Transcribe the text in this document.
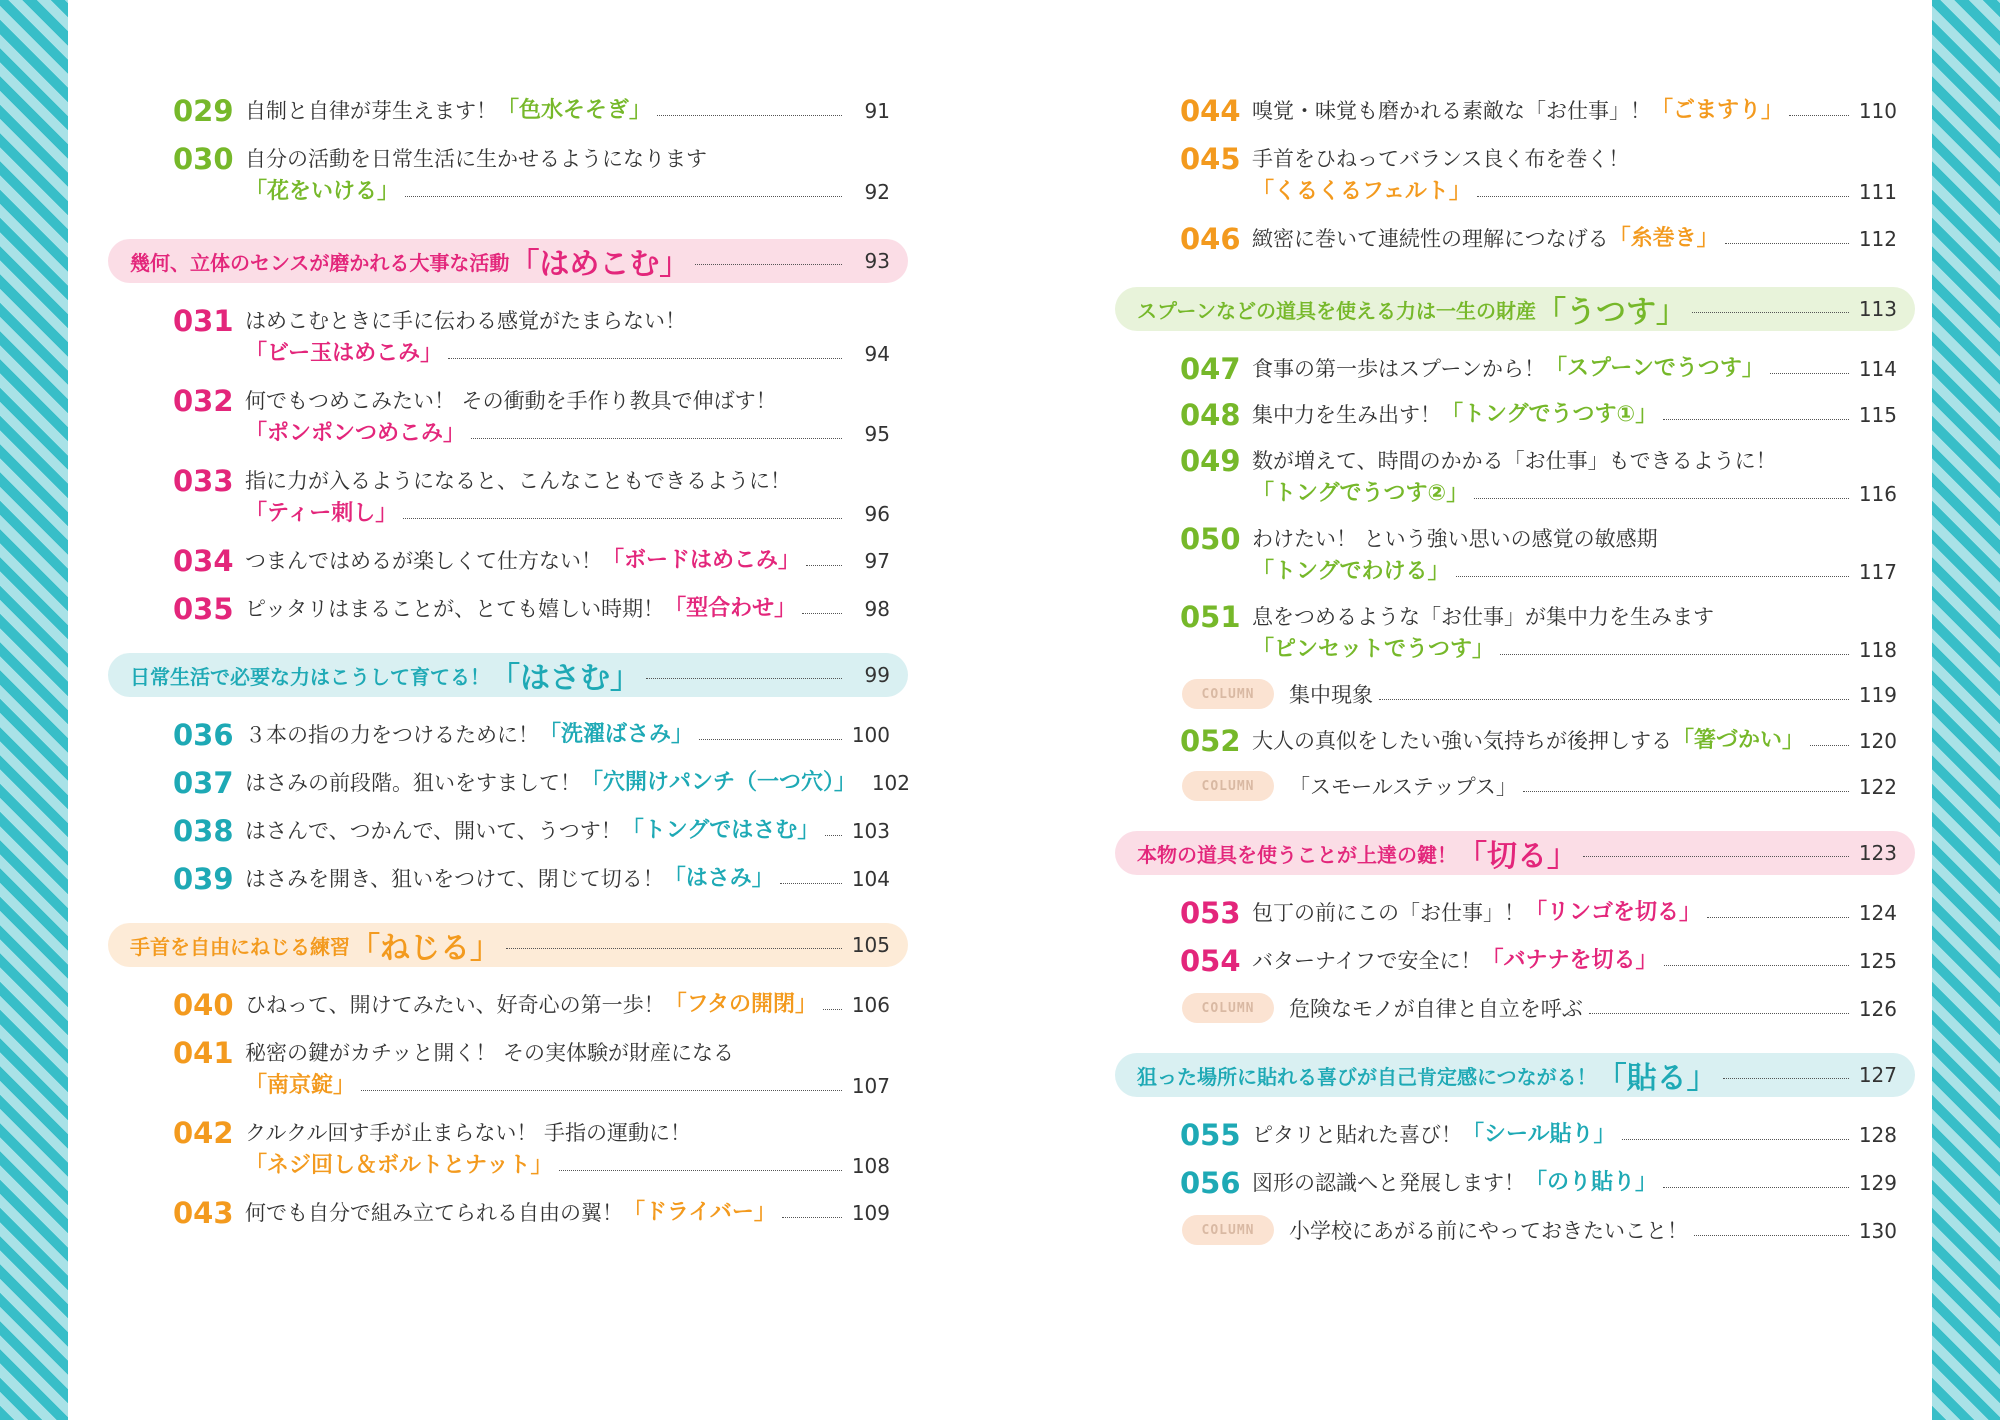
029 自制と自律が芽生えます！ 「色水そそぎ」	91
030 自分の活動を日常生活に生かせるようになります
「花をいける」	92
幾何、立体のセンスが磨かれる大事な活動 「はめこむ」	93
031 はめこむときに手に伝わる感覚がたまらない！
「ビー玉はめこみ」	94
032 何でもつめこみたい！ その衝動を手作り教具で伸ばす！
「ポンポンつめこみ」	95
033 指に力が入るようになると、こんなこともできるように！
「ティー刺し」	96
034 つまんではめるが楽しくて仕方ない！ 「ボードはめこみ」	97
035 ピッタリはまることが、とても嬉しい時期！ 「型合わせ」	98
日常生活で必要な力はこうして育てる！ 「はさむ」	99
036 ３本の指の力をつけるために！ 「洗濯ばさみ」	100
037 はさみの前段階。狙いをすまして！ 「穴開けパンチ（一つ穴）」 102
038 はさんで、つかんで、開いて、うつす！ 「トングではさむ」 103
039 はさみを開き、狙いをつけて、閉じて切る！ 「はさみ」	104
手首を自由にねじる練習 「ねじる」	105
040 ひねって、開けてみたい、好奇心の第一歩！ 「フタの開閉」 106
041 秘密の鍵がカチッと開く！ その実体験が財産になる
「南京錠」	107
042 クルクル回す手が止まらない！ 手指の運動に！
「ネジ回し＆ボルトとナット」	108
043 何でも自分で組み立てられる自由の翼！ 「ドライバー」	109
044 嗅覚・味覚も磨かれる素敵な「お仕事」！ 「ごますり」	110
045 手首をひねってバランス良く布を巻く！
「くるくるフェルト」	111
046 緻密に巻いて連続性の理解につなげる 「糸巻き」	112
スプーンなどの道具を使える力は一生の財産 「うつす」	113
047 食事の第一歩はスプーンから！ 「スプーンでうつす」	114
048 集中力を生み出す！ 「トングでうつす①」	115
049 数が増えて、時間のかかる「お仕事」もできるように！
「トングでうつす②」	116
050 わけたい！ という強い思いの感覚の敏感期
「トングでわける」	117
051 息をつめるような「お仕事」が集中力を生みます
「ピンセットでうつす」	118
COLUMN	集中現象	119
052 大人の真似をしたい強い気持ちが後押しする 「箸づかい」	120
COLUMN	「スモールステップス」	122
本物の道具を使うことが上達の鍵！ 「切る」	123
053 包丁の前にこの「お仕事」！ 「リンゴを切る」	124
054 バターナイフで安全に！ 「バナナを切る」	125
COLUMN	危険なモノが自律と自立を呼ぶ	126
狙った場所に貼れる喜びが自己肯定感につながる！ 「貼る」	127
055 ピタリと貼れた喜び！ 「シール貼り」	128
056 図形の認識へと発展します！ 「のり貼り」	129
COLUMN	小学校にあがる前にやっておきたいこと！	130
